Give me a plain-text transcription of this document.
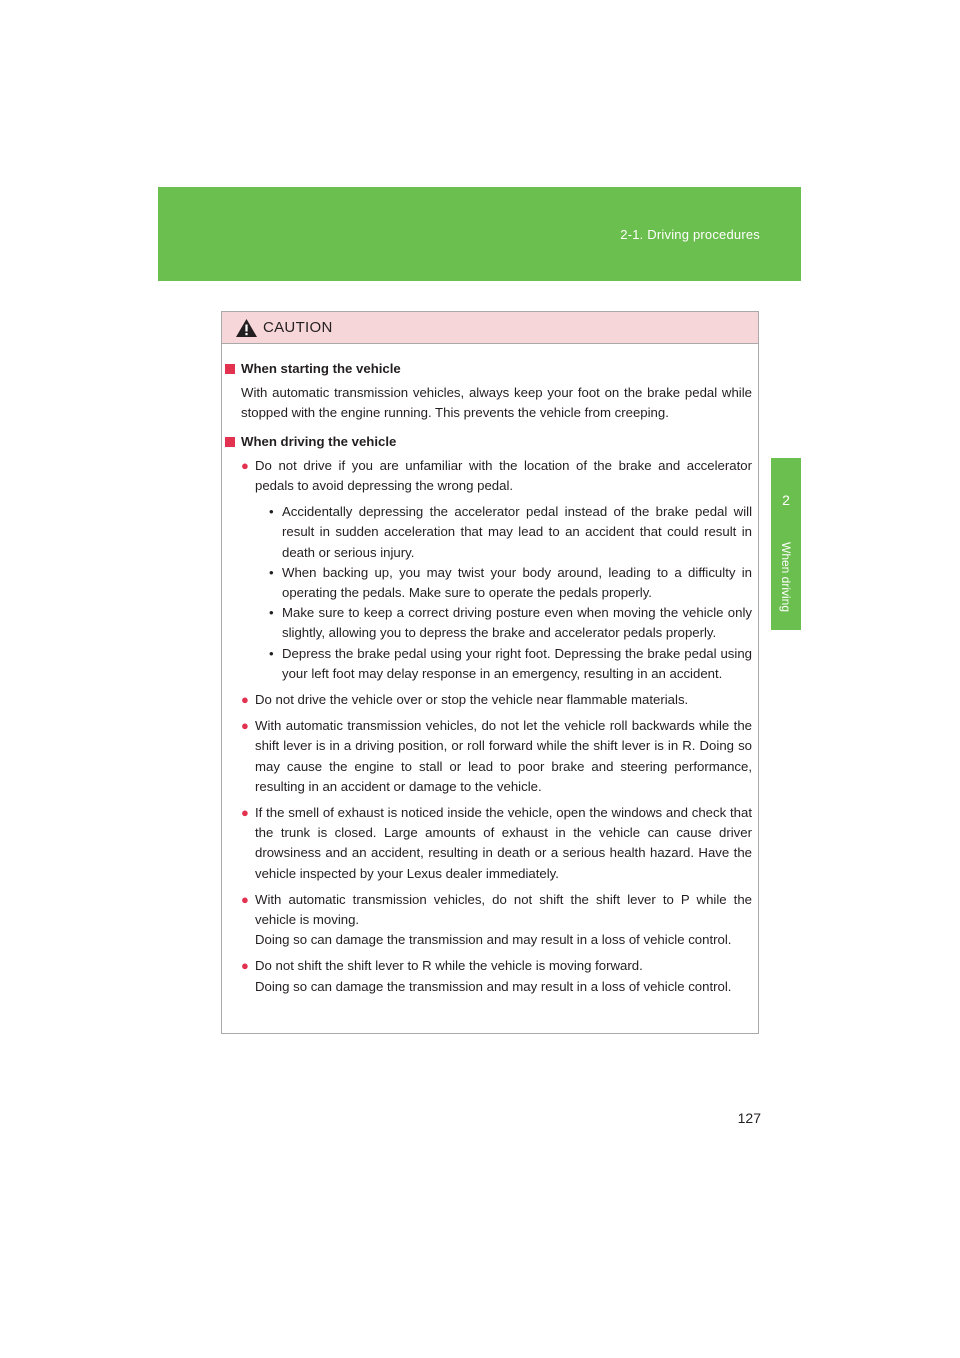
2-1. Driving procedures
2
When driving
CAUTION
When starting the vehicle
With automatic transmission vehicles, always keep your foot on the brake pedal while stopped with the engine running. This prevents the vehicle from creeping.
When driving the vehicle
● Do not drive if you are unfamiliar with the location of the brake and accelerator pedals to avoid depressing the wrong pedal.
• Accidentally depressing the accelerator pedal instead of the brake pedal will result in sudden acceleration that may lead to an accident that could result in death or serious injury.
• When backing up, you may twist your body around, leading to a difficulty in operating the pedals. Make sure to operate the pedals properly.
• Make sure to keep a correct driving posture even when moving the vehicle only slightly, allowing you to depress the brake and accelerator pedals properly.
• Depress the brake pedal using your right foot. Depressing the brake pedal using your left foot may delay response in an emergency, resulting in an accident.
● Do not drive the vehicle over or stop the vehicle near flammable materials.
● With automatic transmission vehicles, do not let the vehicle roll backwards while the shift lever is in a driving position, or roll forward while the shift lever is in R. Doing so may cause the engine to stall or lead to poor brake and steering performance, resulting in an accident or damage to the vehicle.
● If the smell of exhaust is noticed inside the vehicle, open the windows and check that the trunk is closed. Large amounts of exhaust in the vehicle can cause driver drowsiness and an accident, resulting in death or a serious health hazard. Have the vehicle inspected by your Lexus dealer immediately.
● With automatic transmission vehicles, do not shift the shift lever to P while the vehicle is moving.
Doing so can damage the transmission and may result in a loss of vehicle control.
● Do not shift the shift lever to R while the vehicle is moving forward.
Doing so can damage the transmission and may result in a loss of vehicle control.
127
